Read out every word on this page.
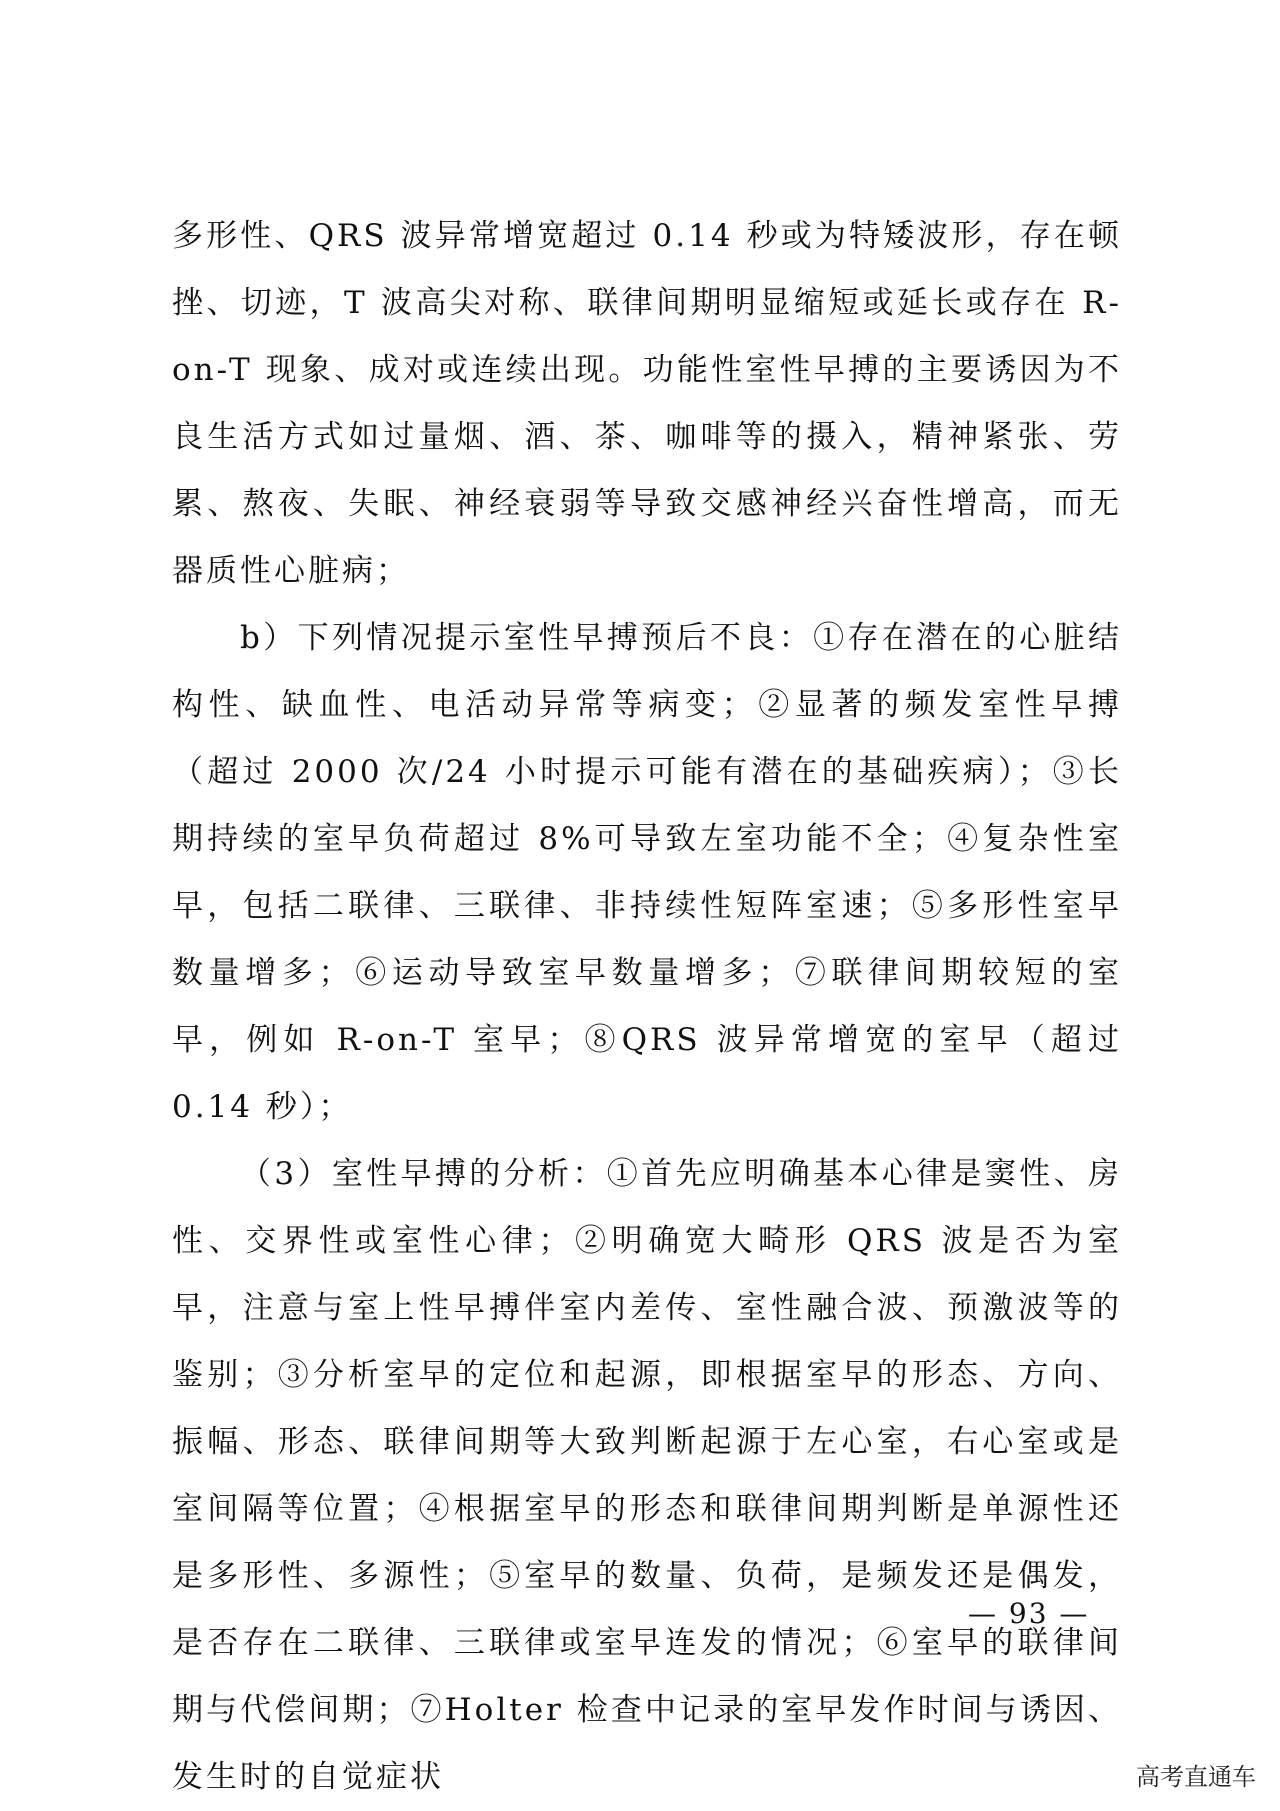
多形性、QRS 波异常增宽超过 0.14 秒或为特矮波形，存在顿挫、切迹，T 波高尖对称、联律间期明显缩短或延长或存在 R-on-T 现象、成对或连续出现。功能性室性早搏的主要诱因为不良生活方式如过量烟、酒、茶、咖啡等的摄入，精神紧张、劳累、熬夜、失眠、神经衰弱等导致交感神经兴奋性增高，而无器质性心脏病；

b）下列情况提示室性早搏预后不良：①存在潜在的心脏结构性、缺血性、电活动异常等病变；②显著的频发室性早搏（超过 2000 次/24 小时提示可能有潜在的基础疾病）；③长期持续的室早负荷超过 8%可导致左室功能不全；④复杂性室早，包括二联律、三联律、非持续性短阵室速；⑤多形性室早数量增多；⑥运动导致室早数量增多；⑦联律间期较短的室早，例如 R-on-T 室早；⑧QRS 波异常增宽的室早（超过 0.14 秒）；

（3）室性早搏的分析：①首先应明确基本心律是窦性、房性、交界性或室性心律；②明确宽大畸形 QRS 波是否为室早，注意与室上性早搏伴室内差传、室性融合波、预激波等的鉴别；③分析室早的定位和起源，即根据室早的形态、方向、振幅、形态、联律间期等大致判断起源于左心室，右心室或是室间隔等位置；④根据室早的形态和联律间期判断是单源性还是多形性、多源性；⑤室早的数量、负荷，是频发还是偶发，是否存在二联律、三联律或室早连发的情况；⑥室早的联律间期与代偿间期；⑦Holter 检查中记录的室早发作时间与诱因、发生时的自觉症状

— 93 —
高考直通车
